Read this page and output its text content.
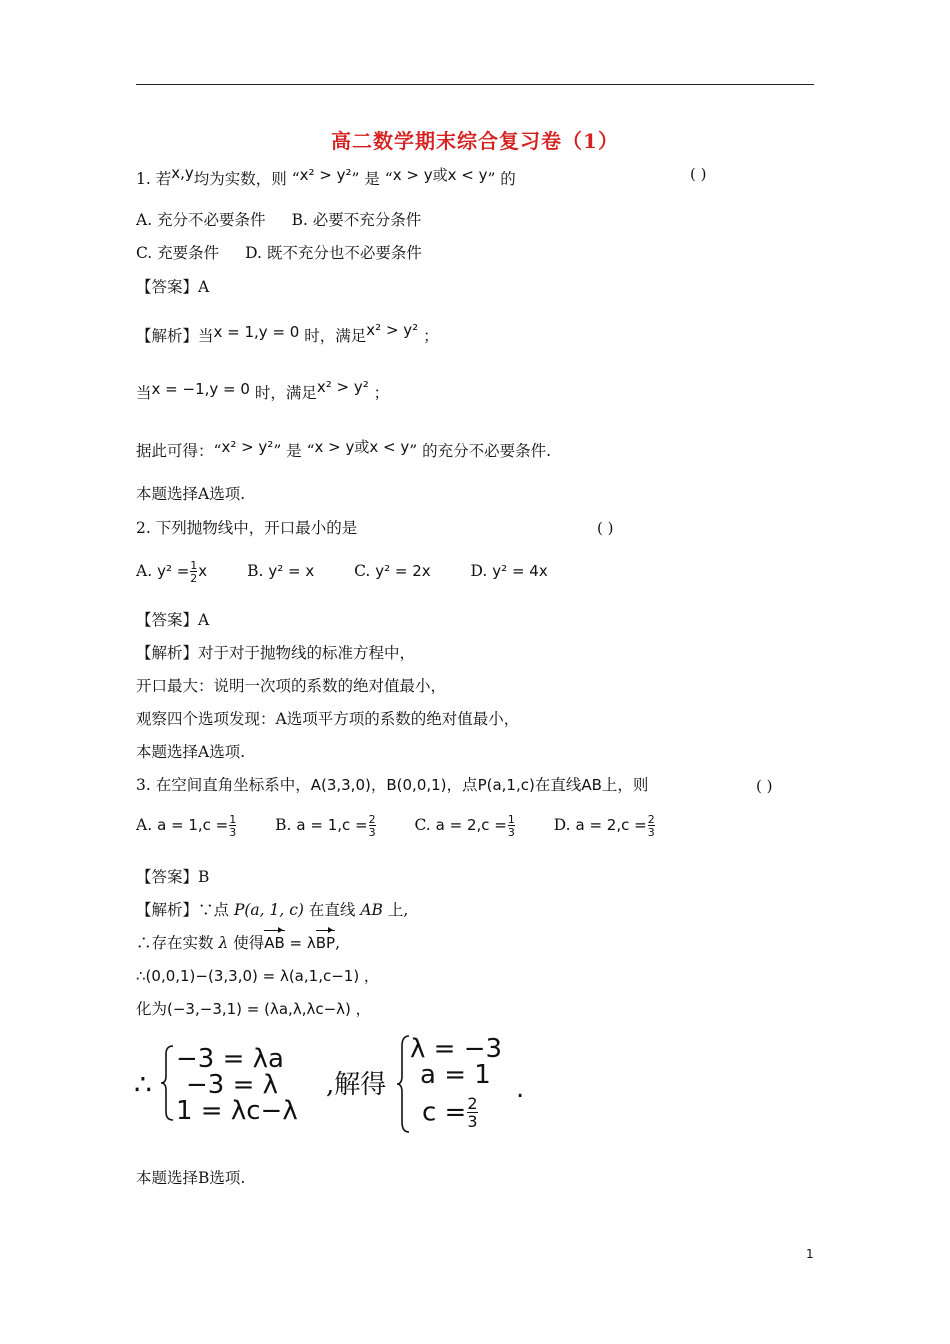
高二数学期末综合复习卷（1）
1. 若x,y均为实数，则 “x² > y²” 是 “x > y或x < y” 的	( )
A. 充分不必要条件 B. 必要不充分条件
C. 充要条件 D. 既不充分也不必要条件
【答案】A
【解析】当x = 1,y = 0 时，满足x² > y² ；
当x = −1,y = 0 时，满足x² > y² ；
据此可得：“x² > y²” 是 “x > y或x < y” 的充分不必要条件.
本题选择A选项.
2. 下列抛物线中，开口最小的是	( )
A. $y^2 = \frac{1}{2}$ x	B. y² = x	C. y² = 2x	D. y² = 4x
【答案】A
【解析】对于对于抛物线的标准方程中，
开口最大：说明一次项的系数的绝对值最小，
观察四个选项发现：A选项平方项的系数的绝对值最小，
本题选择A选项.
3. 在空间直角坐标系中，A(3,3,0)，B(0,0,1)，点P(a,1,c)在直线AB上，则	( )
A. $a = 1,c = \frac{1}{3}$	B. $a = 1,c = \frac{2}{3}$	C. $a = 2,c = \frac{1}{3}$	D. $a = 2,c = \frac{2}{3}$
【答案】B
【解析】∵点 P(a, 1, c) 在直线 AB 上,
∴存在实数 λ 使得AB = λBP,
∴(0,0,1)−(3,3,0) = λ(a,1,c−1) ，
化为(−3,−3,1) = (λa,λ,λc−λ) ，
∴
−3 = λa
−3 = λ
1 = λc−λ
,解得
λ = −3
a = 1
$c = \frac{2}{3}$
.
本题选择B选项.
1
